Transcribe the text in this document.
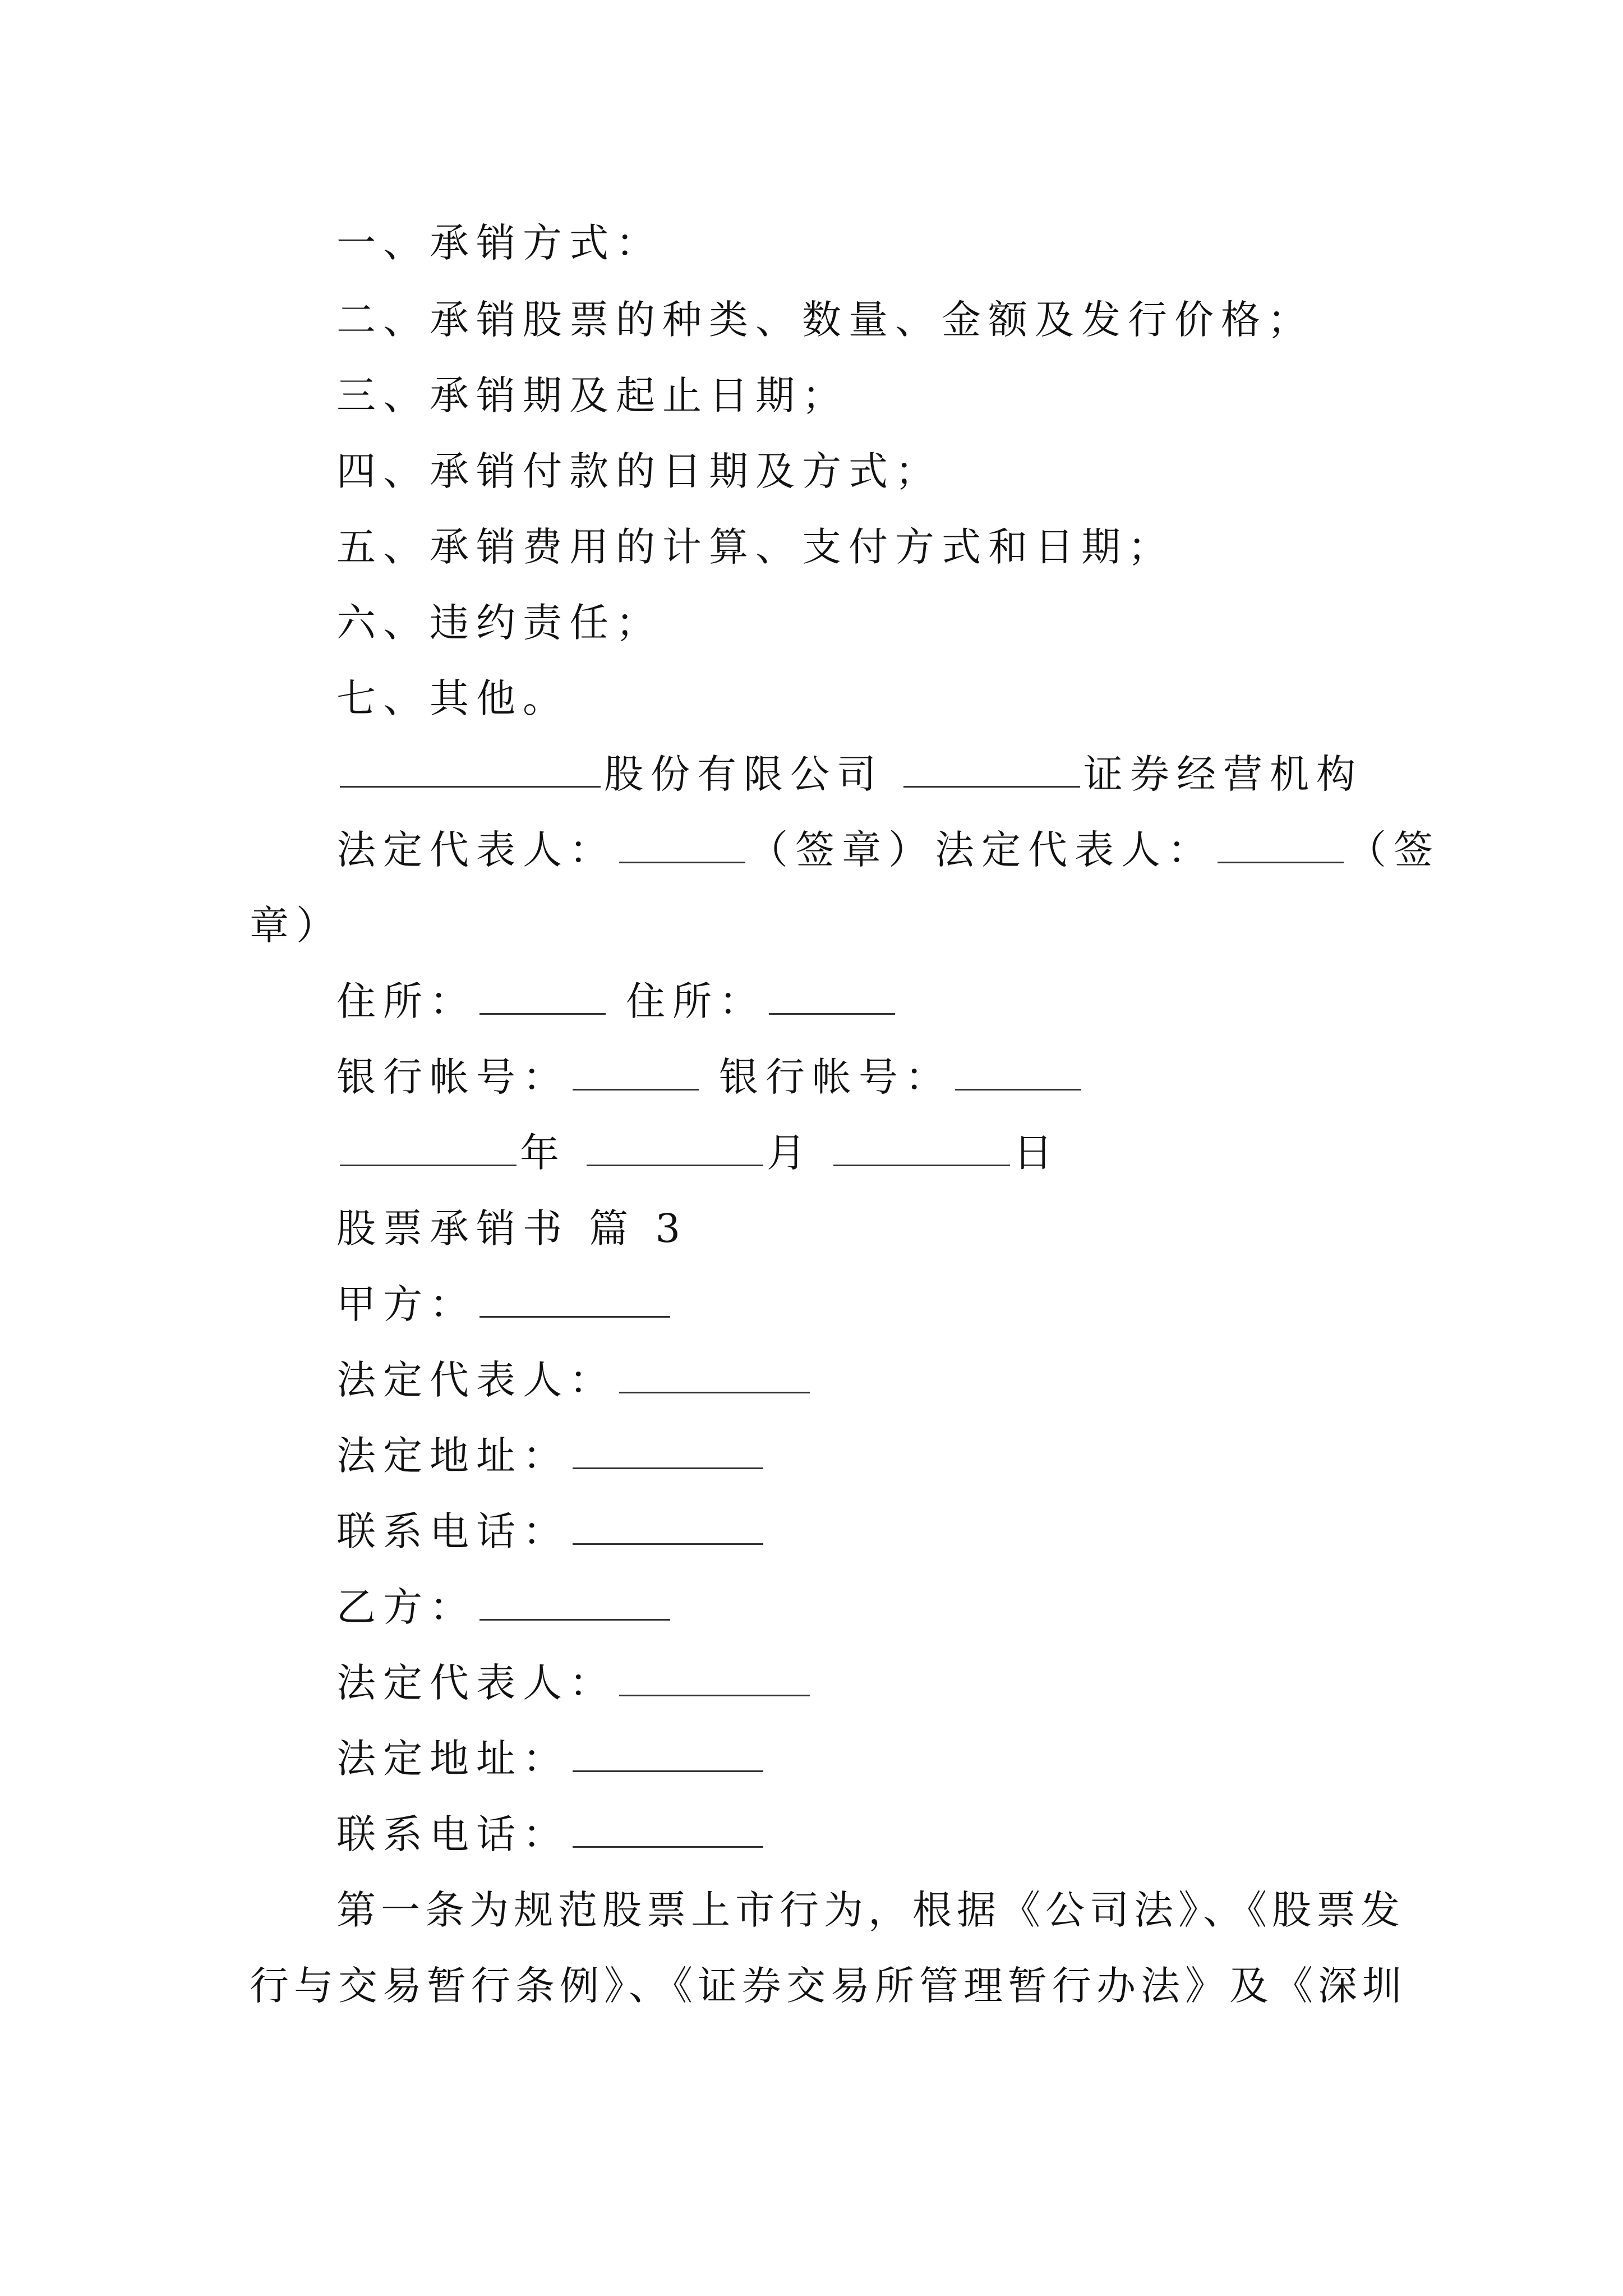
一、承销方式：
二、承销股票的种类、数量、金额及发行价格；
三、承销期及起止日期；
四、承销付款的日期及方式；
五、承销费用的计算、支付方式和日期；
六、违约责任；
七、其他。
股份有限公司	证券经营机构
法定代表人：	（签章）法定代表人：	（签
章）
住所：	住所：
银行帐号：	银行帐号：
年	月	日
股票承销书 篇 3
甲方：
法定代表人：
法定地址：
联系电话：
乙方：
法定代表人：
法定地址：
联系电话：
第一条为规范股票上市行为，根据《公司法》、《股票发
行与交易暂行条例》、《证券交易所管理暂行办法》及《深圳
